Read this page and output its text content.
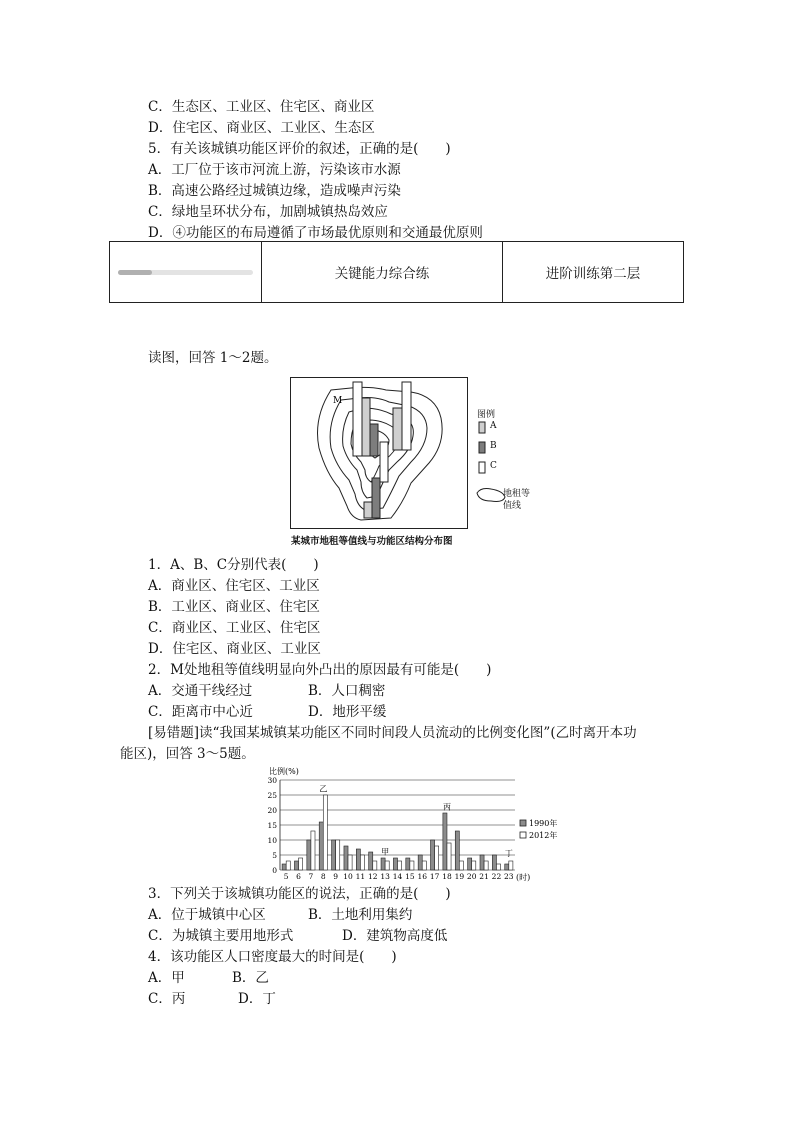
C．生态区、工业区、住宅区、商业区
D．住宅区、商业区、工业区、生态区
5．有关该城镇功能区评价的叙述，正确的是(　　)
A．工厂位于该市河流上游，污染该市水源
B．高速公路经过城镇边缘，造成噪声污染
C．绿地呈环状分布，加剧城镇热岛效应
D．④功能区的布局遵循了市场最优原则和交通最优原则
关键能力综合练	进阶训练第二层
读图，回答 1～2题。
M
图例
A
B
C
地租等值线
某城市地租等值线与功能区结构分布图
1．A、B、C分别代表(　　)
A．商业区、住宅区、工业区
B．工业区、商业区、住宅区
C．商业区、工业区、住宅区
D．住宅区、商业区、工业区
2．M处地租等值线明显向外凸出的原因最有可能是(　　)
A．交通干线经过	B．人口稠密
C．距离市中心近	D．地形平缓
[易错题]读“我国某城镇某功能区不同时间段人员流动的比例变化图”(乙时离开本功
能区)，回答 3～5题。
比例(%)
0
5
10
15
20
25
30
5 6 7 8 9 10 11 12 13 14 15 16 17 18 19 20 21 22 23
乙
甲
丙
丁
(时)
1990年
2012年
3．下列关于该城镇功能区的说法，正确的是(　　)
A．位于城镇中心区	B．土地利用集约
C．为城镇主要用地形式	D．建筑物高度低
4．该功能区人口密度最大的时间是(　　)
A．甲	B．乙
C．丙	D．丁
